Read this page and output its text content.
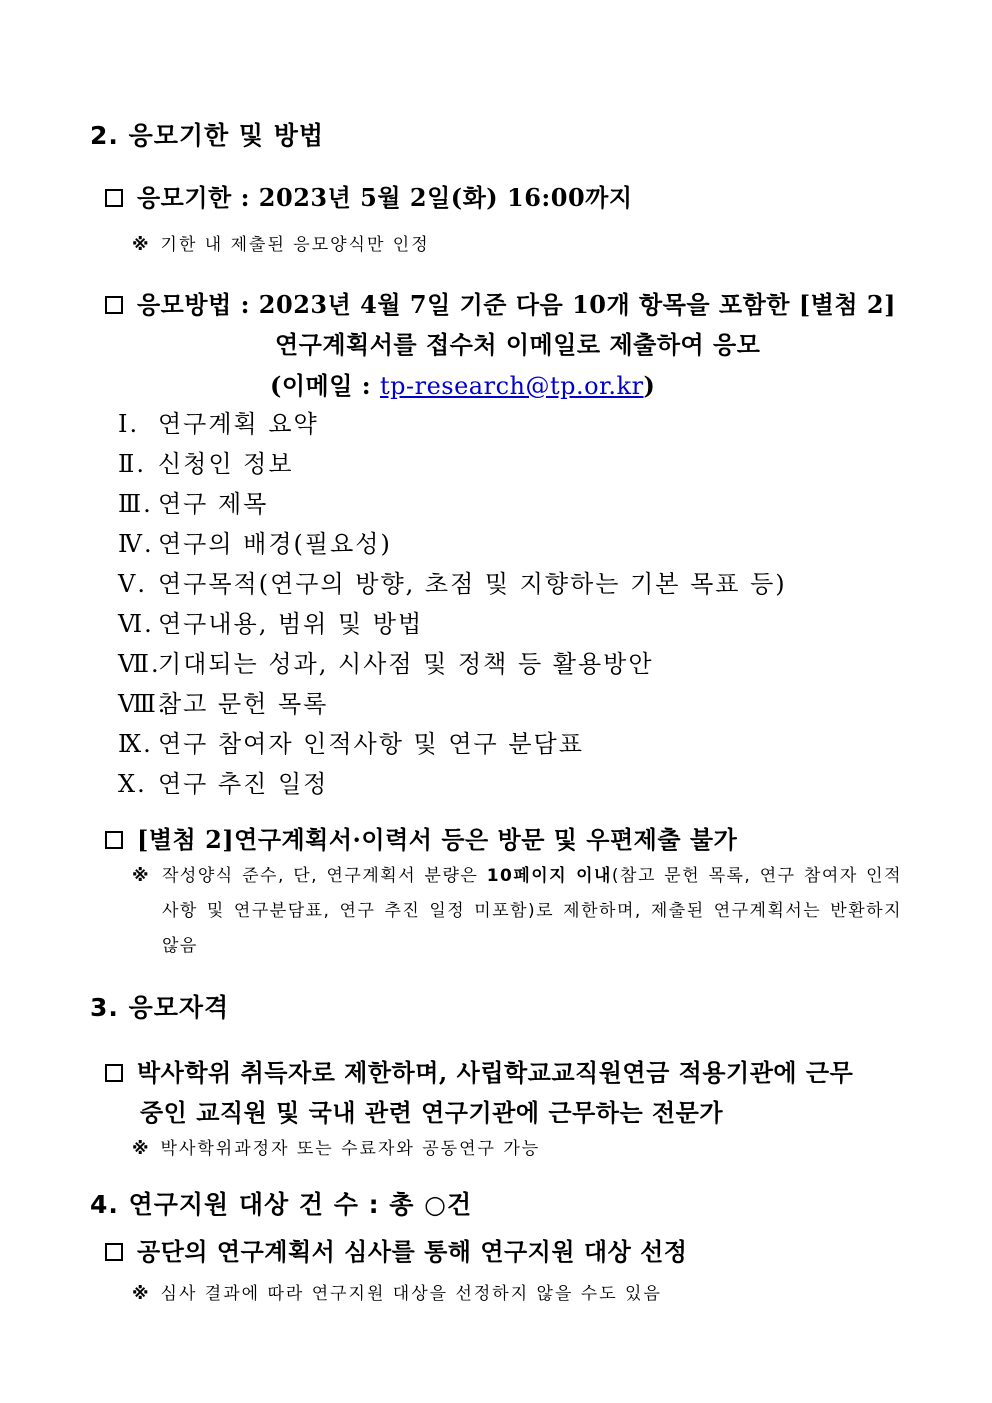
2. 응모기한 및 방법
응모기한 : 2023년 5월 2일(화) 16:00까지
※ 기한 내 제출된 응모양식만 인정
응모방법 : 2023년 4월 7일 기준 다음 10개 항목을 포함한 [별첨 2]
연구계획서를 접수처 이메일로 제출하여 응모
(이메일 : tp-research@tp.or.kr)
Ⅰ. 연구계획 요약
Ⅱ. 신청인 정보
Ⅲ. 연구 제목
Ⅳ. 연구의 배경(필요성)
Ⅴ. 연구목적(연구의 방향, 초점 및 지향하는 기본 목표 등)
Ⅵ. 연구내용, 범위 및 방법
Ⅶ.기대되는 성과, 시사점 및 정책 등 활용방안
Ⅷ.참고 문헌 목록
Ⅸ. 연구 참여자 인적사항 및 연구 분담표
Ⅹ. 연구 추진 일정
[별첨 2]연구계획서·이력서 등은 방문 및 우편제출 불가
※ 작성양식 준수, 단, 연구계획서 분량은 10페이지 이내(참고 문헌 목록, 연구 참여자 인적사항 및 연구분담표, 연구 추진 일정 미포함)로 제한하며, 제출된 연구계획서는 반환하지 않음
3. 응모자격
박사학위 취득자로 제한하며, 사립학교교직원연금 적용기관에 근무
중인 교직원 및 국내 관련 연구기관에 근무하는 전문가
※ 박사학위과정자 또는 수료자와 공동연구 가능
4. 연구지원 대상 건 수 : 총 ○건
공단의 연구계획서 심사를 통해 연구지원 대상 선정
※ 심사 결과에 따라 연구지원 대상을 선정하지 않을 수도 있음
